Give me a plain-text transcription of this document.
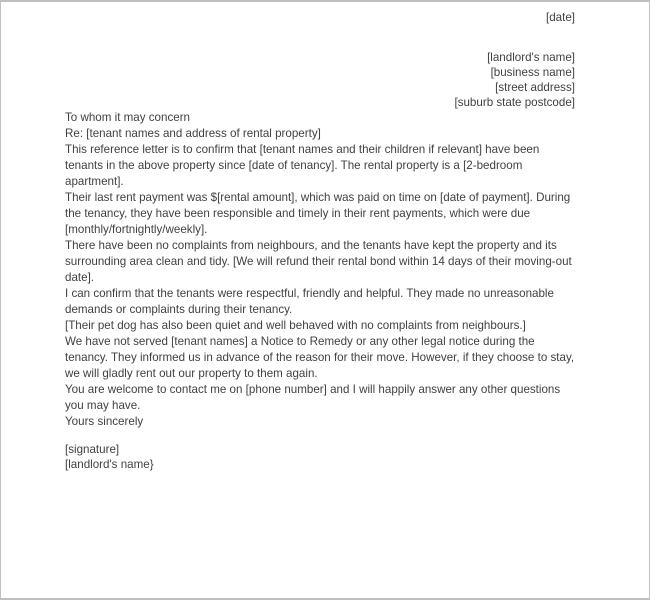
[date]

[landlord's name]

[business name]

[street address]

[suburb state postcode]

To whom it may concern

Re: [tenant names and address of rental property]

This reference letter is to confirm that [tenant names and their children if relevant] have been tenants in the above property since [date of tenancy]. The rental property is a [2-bedroom apartment].

Their last rent payment was $[rental amount], which was paid on time on [date of payment]. During the tenancy, they have been responsible and timely in their rent payments, which were due [monthly/fortnightly/weekly].

There have been no complaints from neighbours, and the tenants have kept the property and its surrounding area clean and tidy. [We will refund their rental bond within 14 days of their moving-out date].

I can confirm that the tenants were respectful, friendly and helpful. They made no unreasonable demands or complaints during their tenancy.

[Their pet dog has also been quiet and well behaved with no complaints from neighbours.]

We have not served [tenant names] a Notice to Remedy or any other legal notice during the tenancy. They informed us in advance of the reason for their move. However, if they choose to stay, we will gladly rent out our property to them again.

You are welcome to contact me on [phone number] and I will happily answer any other questions you may have.

Yours sincerely

[signature]

[landlord's name}
